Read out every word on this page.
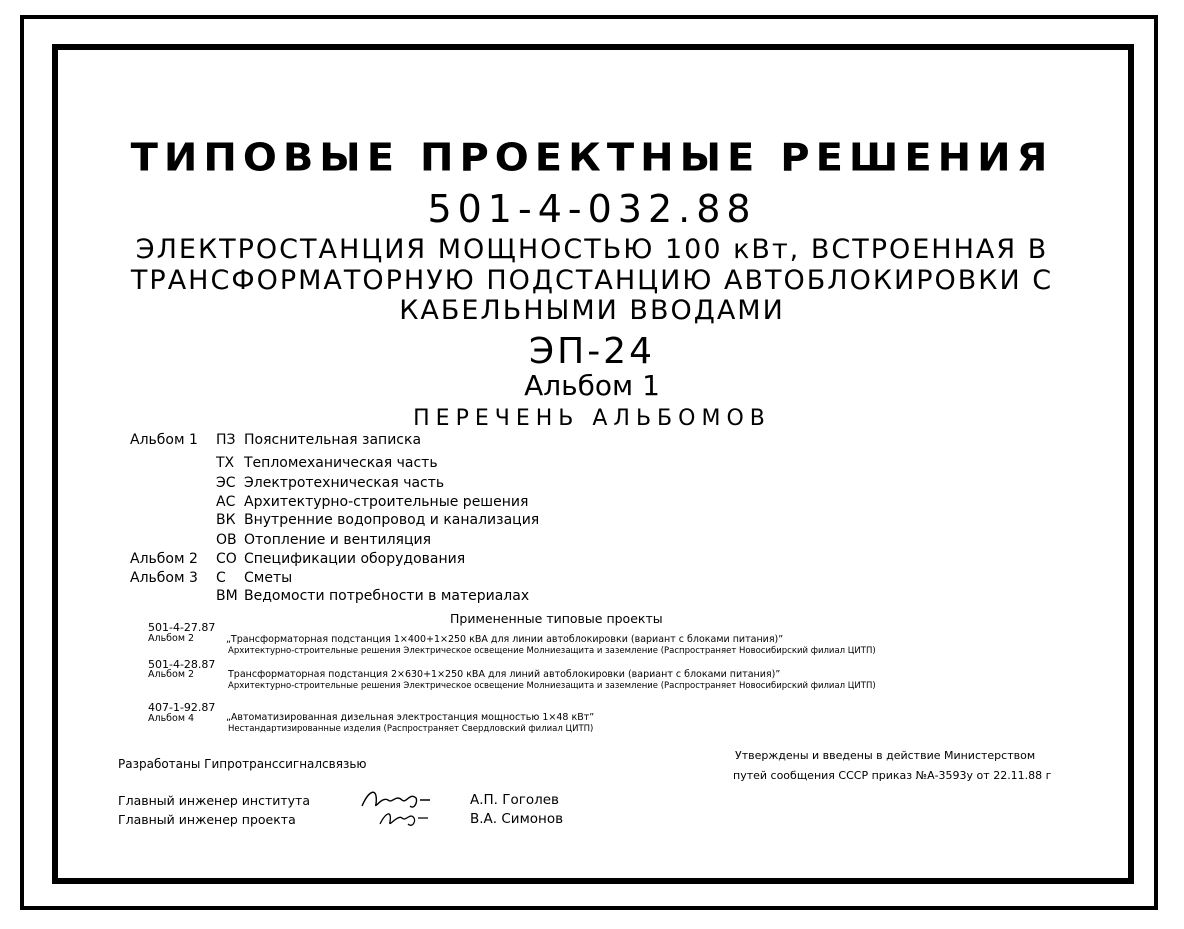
ТИПОВЫЕ ПРОЕКТНЫЕ РЕШЕНИЯ
501-4-032.88
ЭЛЕКТРОСТАНЦИЯ МОЩНОСТЬЮ 100 кВт, ВСТРОЕННАЯ В
ТРАНСФОРМАТОРНУЮ ПОДСТАНЦИЮ АВТОБЛОКИРОВКИ С
КАБЕЛЬНЫМИ ВВОДАМИ
ЭП-24
Альбом 1
ПЕРЕЧЕНЬ АЛЬБОМОВ
Альбом 1 ПЗ Пояснительная записка
ТХ Тепломеханическая часть
ЭС Электротехническая часть
АС Архитектурно-строительные решения
ВК Внутренние водопровод и канализация
ОВ Отопление и вентиляция
Альбом 2 СО Спецификации оборудования
Альбом 3 С Сметы
ВМ Ведомости потребности в материалах
Примененные типовые проекты
501-4-27.87
Альбом 2	„Трансформаторная подстанция 1×400+1×250 кВА для линии автоблокировки (вариант с блоками питания)”
Архитектурно-строительные решения Электрическое освещение Молниезащита и заземление (Распространяет Новосибирский филиал ЦИТП)
501-4-28.87
Альбом 2	Трансформаторная подстанция 2×630+1×250 кВА для линий автоблокировки (вариант с блоками питания)”
Архитектурно-строительные решения Электрическое освещение Молниезащита и заземление (Распространяет Новосибирский филиал ЦИТП)
407-1-92.87
Альбом 4	„Автоматизированная дизельная электростанция мощностью 1×48 кВт”
Нестандартизированные изделия (Распространяет Свердловский филиал ЦИТП)
Утверждены и введены в действие Министерством
путей сообщения СССР приказ №А-3593у от 22.11.88 г
Разработаны Гипротранссигналсвязью
Главный инженер института	А.П. Гоголев
Главный инженер проекта	В.А. Симонов
